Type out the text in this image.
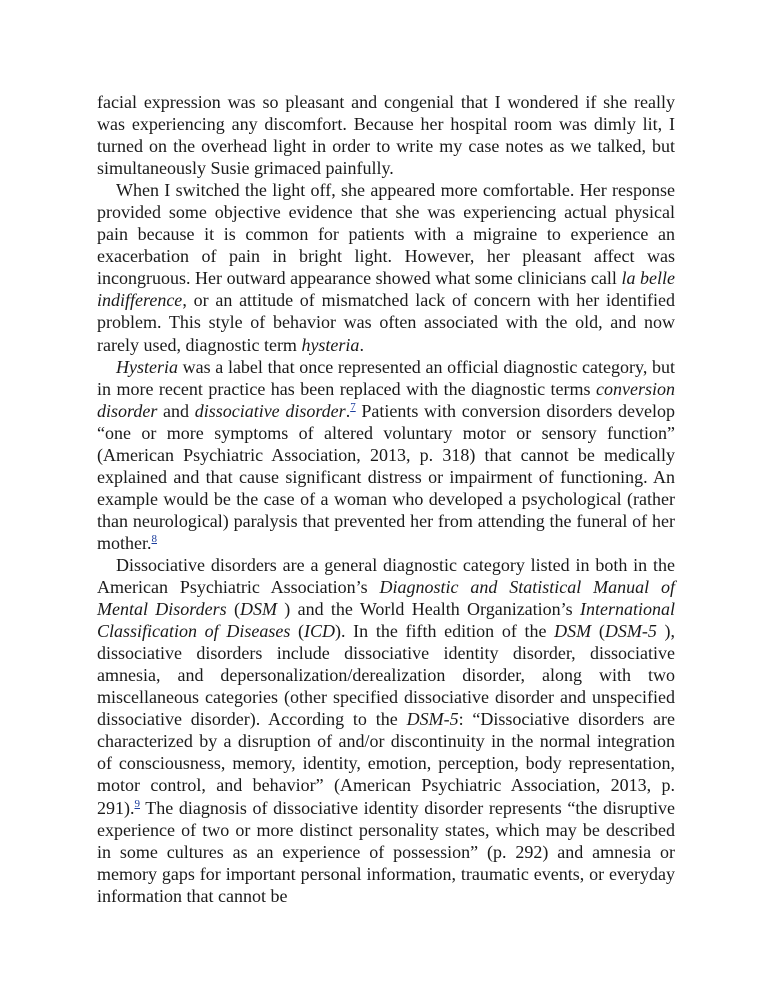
facial expression was so pleasant and congenial that I wondered if she really was experiencing any discomfort. Because her hospital room was dimly lit, I turned on the overhead light in order to write my case notes as we talked, but simultaneously Susie grimaced painfully.

When I switched the light off, she appeared more comfortable. Her response provided some objective evidence that she was experiencing actual physical pain because it is common for patients with a migraine to experience an exacerbation of pain in bright light. However, her pleasant affect was incongruous. Her outward appearance showed what some clinicians call la belle indifference, or an attitude of mismatched lack of concern with her identified problem. This style of behavior was often associated with the old, and now rarely used, diagnostic term hysteria.

Hysteria was a label that once represented an official diagnostic category, but in more recent practice has been replaced with the diagnostic terms conversion disorder and dissociative disorder.$^7$ Patients with conversion disorders develop “one or more symptoms of altered voluntary motor or sensory function” (American Psychiatric Association, 2013, p. 318) that cannot be medically explained and that cause significant distress or impairment of functioning. An example would be the case of a woman who developed a psychological (rather than neurological) paralysis that prevented her from attending the funeral of her mother.$^8$

Dissociative disorders are a general diagnostic category listed in both in the American Psychiatric Association’s Diagnostic and Statistical Manual of Mental Disorders (DSM ) and the World Health Organization’s International Classification of Diseases (ICD). In the fifth edition of the DSM (DSM-5 ), dissociative disorders include dissociative identity disorder, dissociative amnesia, and depersonalization/derealization disorder, along with two miscellaneous categories (other specified dissociative disorder and unspecified dissociative disorder). According to the DSM-5: “Dissociative disorders are characterized by a disruption of and/or discontinuity in the normal integration of consciousness, memory, identity, emotion, perception, body representation, motor control, and behavior” (American Psychiatric Association, 2013, p. 291).$^9$ The diagnosis of dissociative identity disorder represents “the disruptive experience of two or more distinct personality states, which may be described in some cultures as an experience of possession” (p. 292) and amnesia or memory gaps for important personal information, traumatic events, or everyday information that cannot be
